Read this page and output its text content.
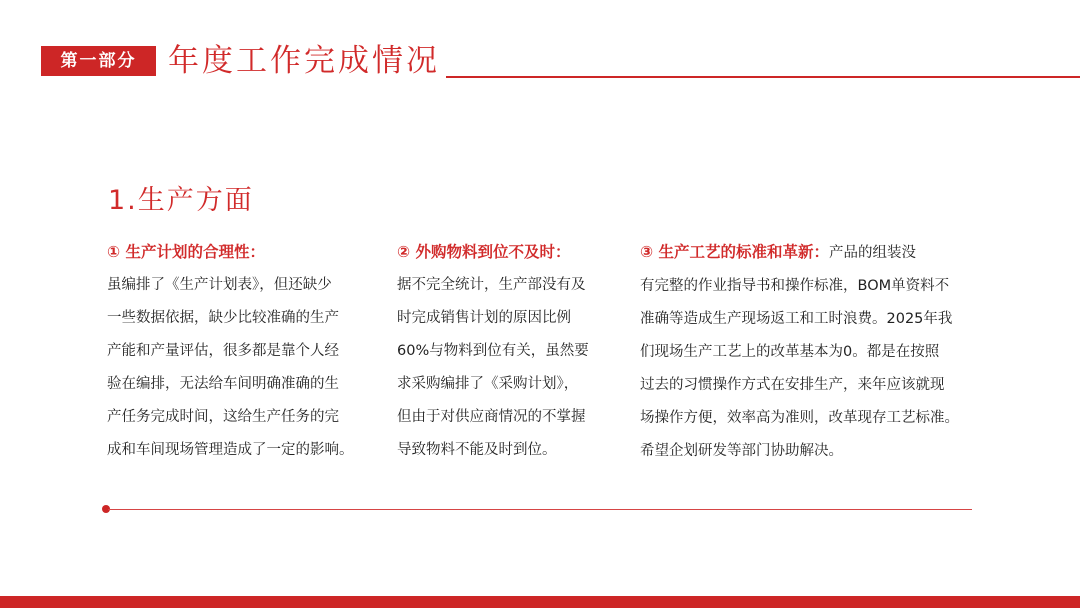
第一部分	年度工作完成情况
1.生产方面
① 生产计划的合理性：
虽编排了《生产计划表》，但还缺少
一些数据依据，缺少比较准确的生产
产能和产量评估，很多都是靠个人经
验在编排，无法给车间明确准确的生
产任务完成时间，这给生产任务的完
成和车间现场管理造成了一定的影响。
② 外购物料到位不及时：
据不完全统计，生产部没有及
时完成销售计划的原因比例
60%与物料到位有关，虽然要
求采购编排了《采购计划》，
但由于对供应商情况的不掌握
导致物料不能及时到位。
③ 生产工艺的标准和革新：产品的组装没
有完整的作业指导书和操作标准，BOM单资料不
准确等造成生产现场返工和工时浪费。2025年我
们现场生产工艺上的改革基本为0。都是在按照
过去的习惯操作方式在安排生产，来年应该就现
场操作方便，效率高为准则，改革现存工艺标准。
希望企划研发等部门协助解决。
